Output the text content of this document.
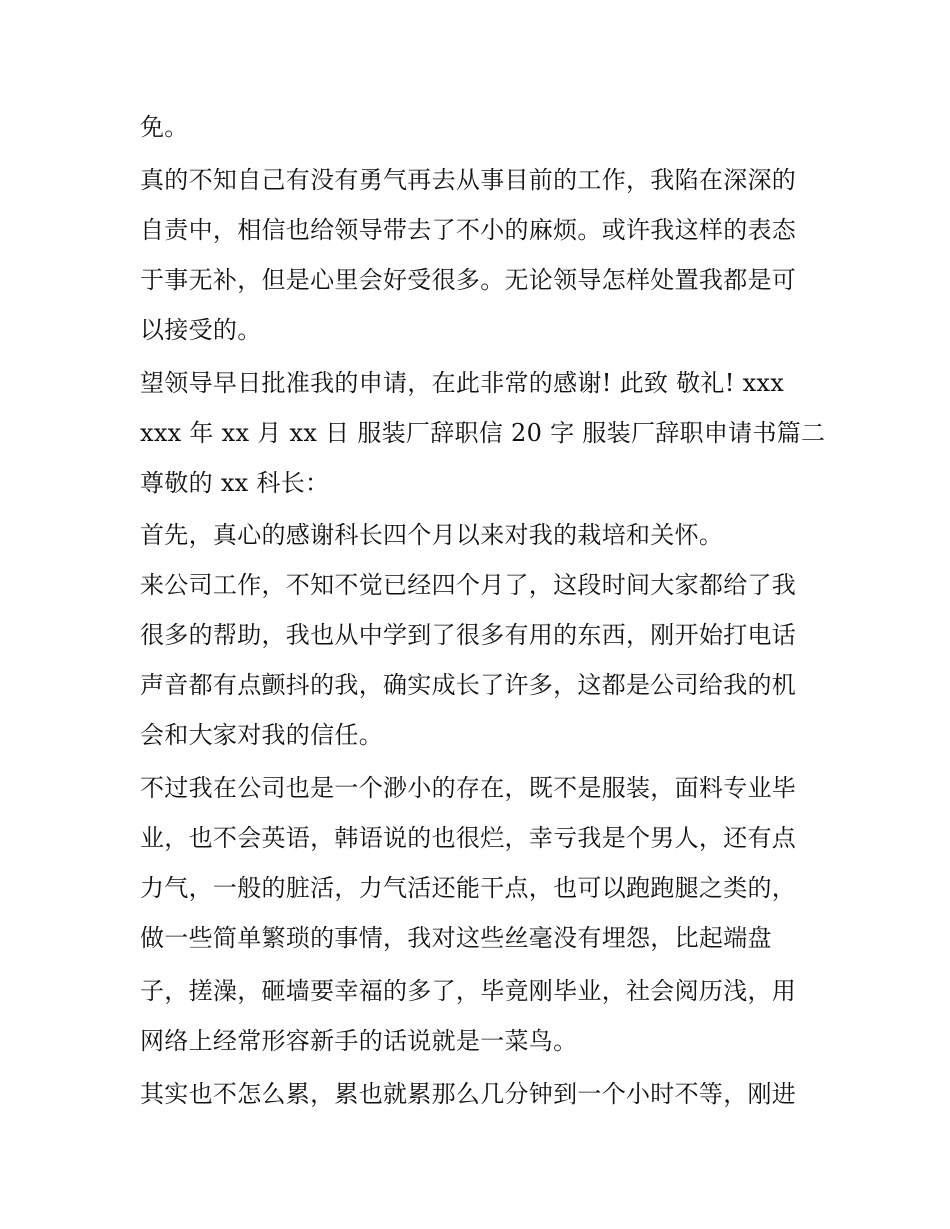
免。
真的不知自己有没有勇气再去从事目前的工作，我陷在深深的
自责中，相信也给领导带去了不小的麻烦。或许我这样的表态
于事无补，但是心里会好受很多。无论领导怎样处置我都是可
以接受的。
望领导早日批准我的申请，在此非常的感谢! 此致 敬礼! xxx
xxx 年 xx 月 xx 日 服装厂辞职信 20 字 服装厂辞职申请书篇二
尊敬的 xx 科长：
首先，真心的感谢科长四个月以来对我的栽培和关怀。
来公司工作，不知不觉已经四个月了，这段时间大家都给了我
很多的帮助，我也从中学到了很多有用的东西，刚开始打电话
声音都有点颤抖的我，确实成长了许多，这都是公司给我的机
会和大家对我的信任。
不过我在公司也是一个渺小的存在，既不是服装，面料专业毕
业，也不会英语，韩语说的也很烂，幸亏我是个男人，还有点
力气，一般的脏活，力气活还能干点，也可以跑跑腿之类的，
做一些简单繁琐的事情，我对这些丝毫没有埋怨，比起端盘
子，搓澡，砸墙要幸福的多了，毕竟刚毕业，社会阅历浅，用
网络上经常形容新手的话说就是一菜鸟。
其实也不怎么累，累也就累那么几分钟到一个小时不等，刚进
